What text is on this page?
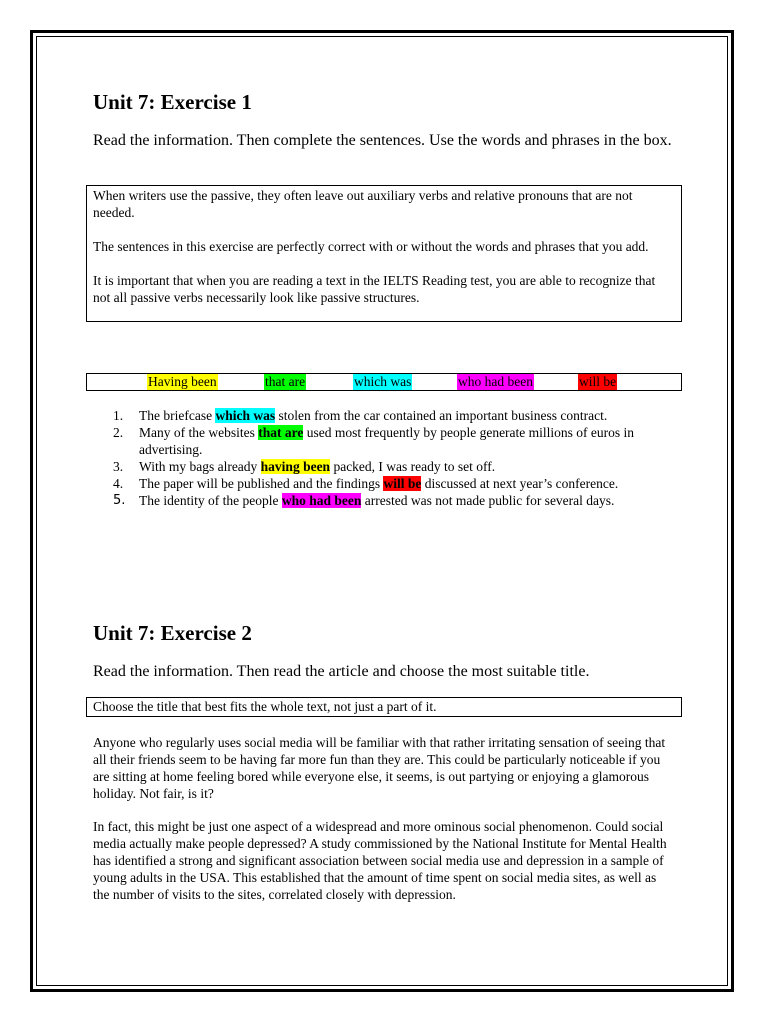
Unit 7: Exercise 1

Read the information. Then complete the sentences. Use the words and phrases in the box.

When writers use the passive, they often leave out auxiliary verbs and relative pronouns that are not needed.

The sentences in this exercise are perfectly correct with or without the words and phrases that you add.

It is important that when you are reading a text in the IELTS Reading test, you are able to recognize that not all passive verbs necessarily look like passive structures.

Having been	that are	which was	who had been	will be
1. The briefcase which was stolen from the car contained an important business contract.
2. Many of the websites that are used most frequently by people generate millions of euros in advertising.
3. With my bags already having been packed, I was ready to set off.
4. The paper will be published and the findings will be discussed at next year’s conference.
5. The identity of the people who had been arrested was not made public for several days.
Unit 7: Exercise 2

Read the information. Then read the article and choose the most suitable title.

Choose the title that best fits the whole text, not just a part of it.

Anyone who regularly uses social media will be familiar with that rather irritating sensation of seeing that all their friends seem to be having far more fun than they are. This could be particularly noticeable if you are sitting at home feeling bored while everyone else, it seems, is out partying or enjoying a glamorous holiday. Not fair, is it?

In fact, this might be just one aspect of a widespread and more ominous social phenomenon. Could social media actually make people depressed? A study commissioned by the National Institute for Mental Health has identified a strong and significant association between social media use and depression in a sample of young adults in the USA. This established that the amount of time spent on social media sites, as well as the number of visits to the sites, correlated closely with depression.
